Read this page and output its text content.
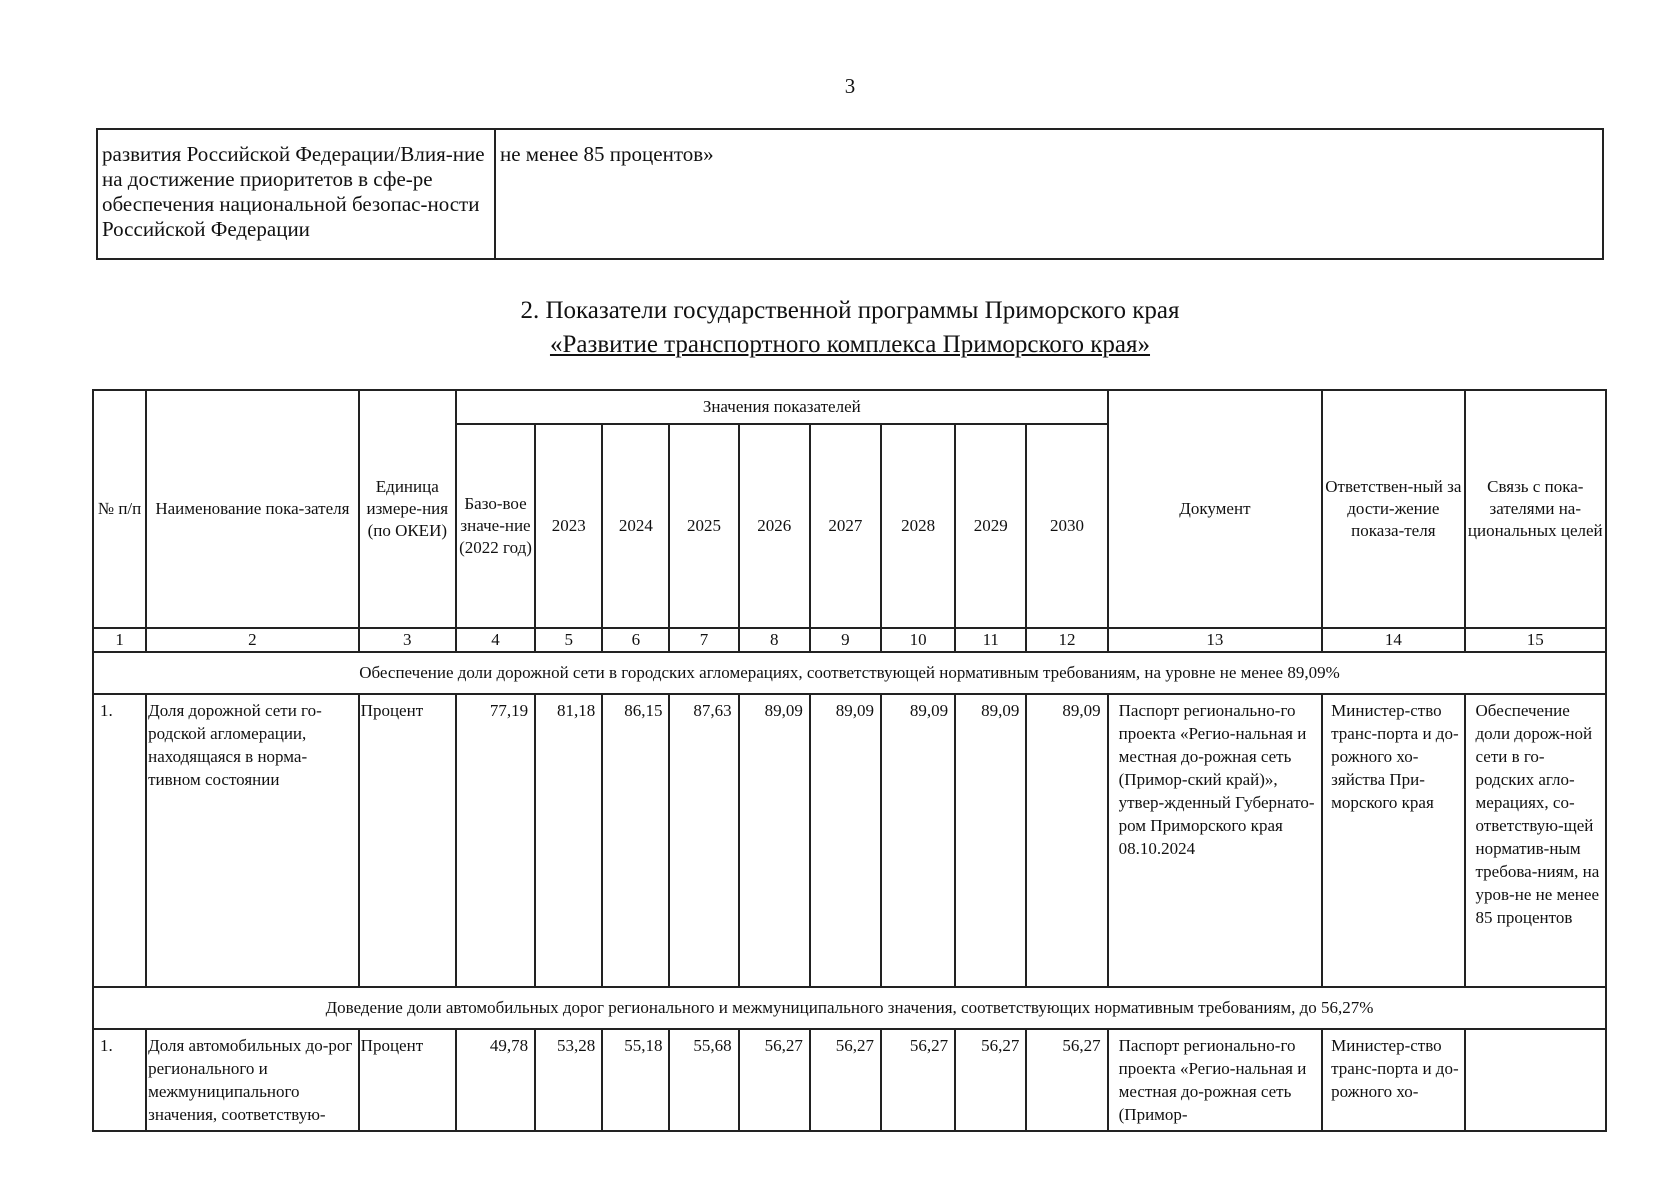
3
развития Российской Федерации/Влия-ние на достижение приоритетов в сфе-ре обеспечения национальной безопас-ности Российской Федерации	не менее 85 процентов»
2. Показатели государственной программы Приморского края
«Развитие транспортного комплекса Приморского края»
№ п/п	Наименование пока-зателя	Единица измере-ния (по ОКЕИ)	Значения показателей									Документ	Ответствен-ный за дости-жение показа-теля	Связь с пока-зателями на-циональных целей
			Базо-вое значе-ние (2022 год)	2023	2024	2025	2026	2027	2028	2029	2030			
1	2	3	4	5	6	7	8	9	10	11	12	13	14	15
Обеспечение доли дорожной сети в городских агломерациях, соответствующей нормативным требованиям, на уровне не менее 89,09%														
1.	Доля дорожной сети го-родской агломерации, находящаяся в норма-тивном состоянии	Процент	77,19	81,18	86,15	87,63	89,09	89,09	89,09	89,09	89,09	Паспорт регионально-го проекта «Регио-нальная и местная до-рожная сеть (Примор-ский край)», утвер-жденный Губернато-ром Приморского края 08.10.2024	Министер-ство транс-порта и до-рожного хо-зяйства При-морского края	Обеспечение доли дорож-ной сети в го-родских агло-мерациях, со-ответствую-щей норматив-ным требова-ниям, на уров-не не менее 85 процентов
Доведение доли автомобильных дорог регионального и межмуниципального значения, соответствующих нормативным требованиям, до 56,27%														
1.	Доля автомобильных до-рог регионального и межмуниципального значения, соответствую-	Процент	49,78	53,28	55,18	55,68	56,27	56,27	56,27	56,27	56,27	Паспорт регионально-го проекта «Регио-нальная и местная до-рожная сеть (Примор-	Министер-ство транс-порта и до-рожного хо-	
